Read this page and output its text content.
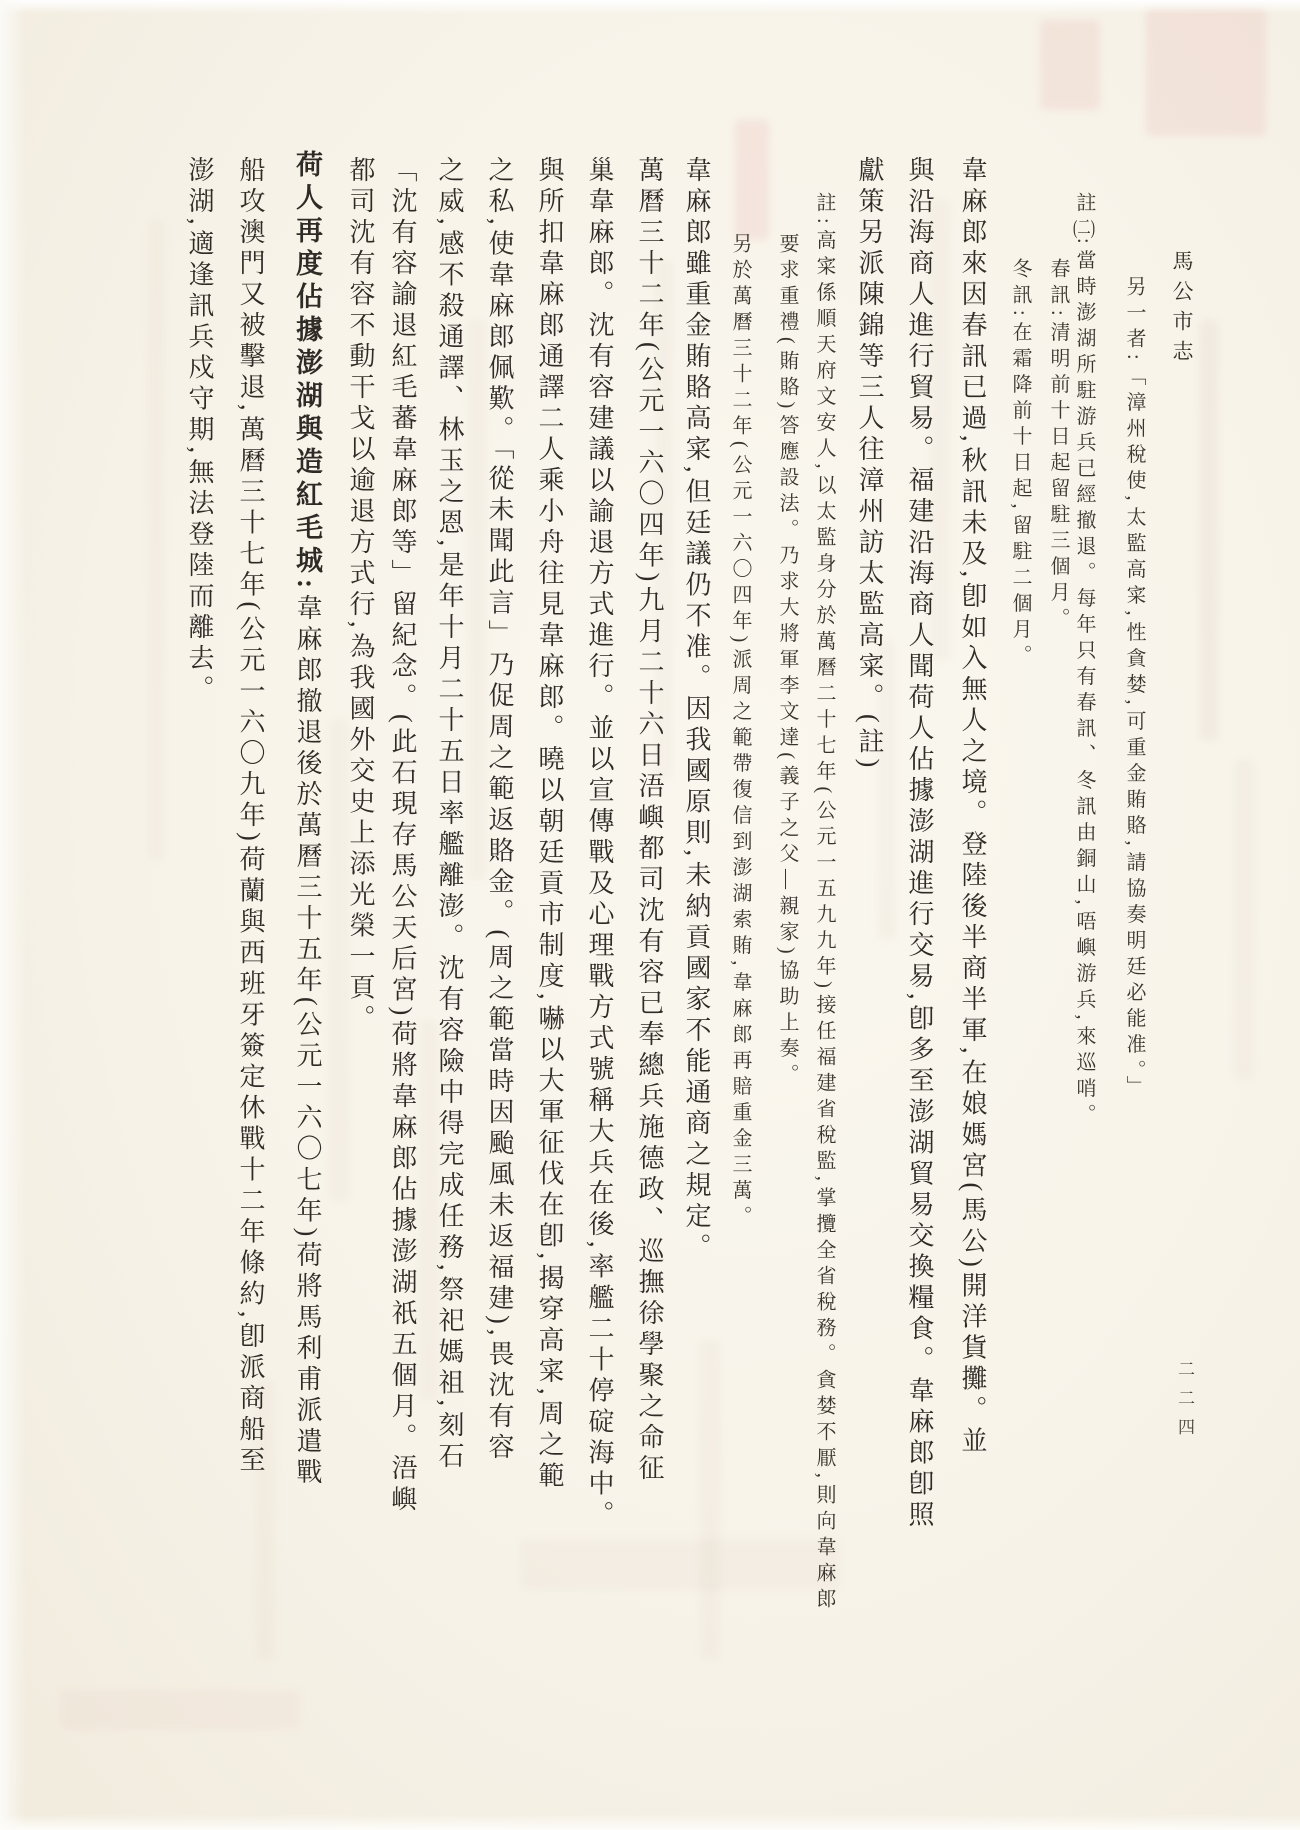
馬公市志
另一者:「漳州稅使,太監高寀,性貪婪,可重金賄賂,請協奏明廷必能准。」
註(二):當時澎湖所駐游兵已經撤退。每年只有春訊、冬訊由銅山,唔嶼游兵,來巡哨。
春訊:清明前十日起留駐三個月。
冬訊:在霜降前十日起,留駐二個月。
韋麻郎來因春訊已過,秋訊未及,卽如入無人之境。登陸後半商半軍,在娘媽宮(馬公)開洋貨攤。並
與沿海商人進行貿易。福建沿海商人聞荷人佔據澎湖進行交易,卽多至澎湖貿易交換糧食。韋麻郎卽照
獻策另派陳錦等三人往漳州訪太監高寀。(註)
註:高寀係順天府文安人,以太監身分於萬曆二十七年(公元一五九九年)接任福建省稅監,掌攬全省稅務。貪婪不厭,則向韋麻郎
要求重禮(賄賂)答應設法。乃求大將軍李文達(義子之父—親家)協助上奏。
另於萬曆三十二年(公元一六〇四年)派周之範帶復信到澎湖索賄,韋麻郎再賠重金三萬。
韋麻郎雖重金賄賂高寀,但廷議仍不准。因我國原則,未納貢國家不能通商之規定。
萬曆三十二年(公元一六〇四年)九月二十六日浯嶼都司沈有容已奉總兵施德政、巡撫徐學聚之命征
巢韋麻郎。沈有容建議以諭退方式進行。並以宣傳戰及心理戰方式號稱大兵在後,率艦二十停碇海中。
與所扣韋麻郎通譯二人乘小舟往見韋麻郎。曉以朝廷貢市制度,嚇以大軍征伐在卽,揭穿高寀,周之範
之私,使韋麻郎佩歎。「從未聞此言」乃促周之範返賂金。(周之範當時因颱風未返福建),畏沈有容
之威,感不殺通譯、林玉之恩,是年十月二十五日率艦離澎。沈有容險中得完成任務,祭祀媽祖,刻石
「沈有容諭退紅毛蕃韋麻郎等」留紀念。(此石現存馬公天后宮)荷將韋麻郎佔據澎湖祇五個月。浯嶼
都司沈有容不動干戈以逾退方式行,為我國外交史上添光榮一頁。
荷人再度佔據澎湖與造紅毛城:韋麻郎撤退後於萬曆三十五年(公元一六〇七年)荷將馬利甫派遣戰
船攻澳門又被擊退,萬曆三十七年(公元一六〇九年)荷蘭與西班牙簽定休戰十二年條約,卽派商船至
澎湖,適逢訊兵戍守期,無法登陸而離去。
二二四
